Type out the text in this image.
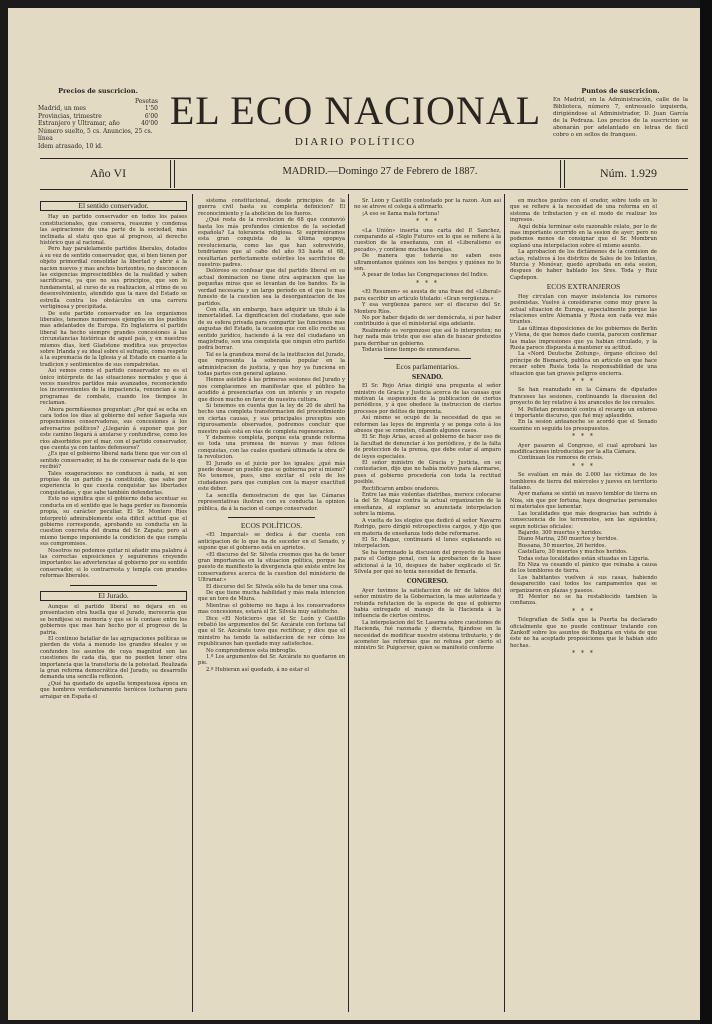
Precios de suscricion.
Pesetas
Madrid, un mes	1'50
Provincias, trimestre	6'00
Extranjero y Ultramar, año	40'00
Número suelto, 5 cs. Anuncios, 25 cs. línea
Idem atrasado, 10 id.
EL ECO NACIONAL
DIARIO POLÍTICO
Puntos de suscricion.

En Madrid, en la Administración, calle de la Biblioteca, número 7, entresuelo izquierda, dirigiéndose al Administrador, D. Juan García de la Pedraza. Los precios de la suscricion se abonarán por adelantado en letras de fácil cobro o en sellos de franqueo.

Año VI	MADRID.—Domingo 27 de Febrero de 1887.	Núm. 1.929
El sentido conservador.

Hay un partido conservador en todos los países constitucionales, que conserva, reasume y condensa las aspiraciones de una parte de la sociedad, más inclinada al statu quo que al progreso, al derecho histórico que al racional.

Pero hay paralelamente partidos liberales, dotados á su vez de sentido conservador, que, si bien tienen por objeto primordial consolidar la libertad y abrir á la nacion nuevos y mas anchos horizontes, no desconocen las exigencias imprescindibles de la realidad y saben sacrificarse, ya que no sus principios, que son lo fundamental, al curso de su realizacion, al ritmo de su desenvolvimiento, atendido que la nave del Estado se estrella contra los obstáculos en una carrera vertiginosa y precipitada.

De este partido conservador en los organismos liberales, tenemos numerosos ejemplos en los pueblos mas adelantados de Europa. En Inglaterra el partido liberal ha hecho siempre grandes concesiones á las circunstancias históricas de aquel país, y en nuestros mismos dias, lord Gladstone modifica sus proyectos sobre Irlanda y su ideal sobre el sufragio, como respeto á la supremacía de la Iglesia y al Estado en cuanto á la tradicion y sentimientos de sus compatriotas.

Así vemos como el partido conservador no es el único intérprete de las situaciones normales y que á veces nuestros partidos más avanzados, reconociendo los inconvenientes de la impaciencia, renuncian á sus programas de combate, cuando los tiempos lo reclaman.

Ahora permitásenos preguntar: ¿Por qué se echa en cara todos los días al gobierno del señor Sagasta sus propensiones conservadoras, sus concesiones á los adversarios políticos? ¿Llegarán á suponer que por este camino llegará á anularse y confundirse, como los ríos absorbidos por el mar, con el partido conservador, que cuenta ya con tantos defensores?

¿Es que el gobierno liberal nada tiene que ver con el sentido conservador, ni ha de conservar nada de lo que recibió?

Tales exageraciones no conducen á nada, ni son propias de un partido ya constituido, que sabe por experiencia lo que cuesta conquistar las libertades conquistadas, y que sabe también defenderlas.

Esto no significa que el gobierno deba acentuar su conducta en el sentido que le haga perder su fisonomía propia, su carácter peculiar. El Sr. Montero Ríos interpretó admirablemente esta dificil actitud que el gobierno corresponde, aprobando su conducta en la cuestion concreta del drama del Sr. Zapata; pero al mismo tiempo imponiendo la condicion de que cumpla sus compromisos.

Nosotros no podemos quitar ni añadir una palabra á las correctas exposiciones y seguiremos creyendo importantes las advertencias al gobierno por su sentido conservador, si lo contrarresta y templa con grandes reformas liberales.

El Jurado.

Aunque el partido liberal no dejara en su presentacion otra huella que el Jurado, merecería que se bendijese su memoria y que se le contase entre los gobiernos que mas han hecho por el progreso de la patria.

El continuo batallar de las agrupaciones políticas se pierden de vista á menudo los grandes ideales y se confunden los asuntos de cuya magnitud son las cuestiones de cada día, que no pueden tener otra importancia que la transitoria de la potestad. Realizada la gran reforma democrática del Jurado, su desarrollo demanda una sencilla reflexion.

¿Qué ha quedado de aquella tempestuosa época en que hombres verdaderamente heróicos lucharon para arraigar en España el

sistema constitucional, desde principios de la guerra civil hasta su completa definicion? El reconocimiento y la abolicion de los fueros.

¿Qué resta de la revolucion de 68 que conmovió hasta los más profundos cimientos de la sociedad española? La tolerancia religiosa. Si suprimiéramos esta gran conquista de la última epopeya revolucionaria, como las que han sobrevivido, tendríamos que al cabo del año 93 hasta el 68, resultarían perfectamente estériles los sacrificios de nuestros padres.

Dolóroso es confesar que del partido liberal en su actual dominacion no tiene otra aspiracion que las pequeñas miras que se levantan de los bandos. Es la verdad necesaria y un largo período en el que lo mas funesto de la cuestion sea la desorganizacion de los partidos.

Con ella, sin embargo, hace adquirir un titulo á la inmortalidad. La dignificacion del ciudadano, que sale de su esfera privada para compartir las funciones mas augustas del Estado, la ocasion que con ello recibe su sentido jurídico, haciendo á la vez del ciudadano un magistrado, son una conquista que ningun otro partido podrá borrar.

Tal es la grandeza moral de la institucion del Jurado, que representa la soberanía popular en la administracion de justicia, y que hoy ya funciona en todas partes con general aplauso.

Hemos asistido á las primeras sesiones del Jurado y nos complacemos en manifestar que el público ha acudido á presenciarlas con un interés y un respeto que dicen mucho en favor de nuestra cultura.

Si tenemos en cuenta que la ley de 20 de abril ha hecho una completa transformacion del procedimiento en ciertas causas, y sus principales preceptos son rigurosamente observados, podremos concluir que nuestro país está en vías de completa regeneracion.

Y debemos completa, porque esta grande reforma es toda una promesa de nuevas y mas felices conquistas, con las cuales quedará ultimada la obra de la revolucion.

El Jurado es el juicio por los iguales; ¿qué más puede desear un pueblo que se gobierna por sí mismo? No tenemos, pues, sino excitar el celo de los ciudadanos para que cumplan con la mayor exactitud este deber.

La sencilla demostracion de que las Cámaras representativas ilustran con su conducta la opinion pública, da á la nacion el campo conservador.

ECOS POLÍTICOS.

«El Imparcial» se dedica á dar cuenta con anticipacion de lo que ha de suceder en el Senado, y supone que el gobierno está en aprietos.

«El discurso del Sr. Silvela creemos que ha de tener gran importancia en la situacion política, porque ha puesto de manifiesto la divergencia que existe entre los conservadores acerca de la cuestion del ministerio de Ultramar.»

El discurso del Sr. Silvela sólo ha de tener una cosa.

De que tiene mucha habilidad y más mala intencion que un toro de Miura.

Mientras el gobierno no haga á los conservadores mas concesiones, estará el Sr. Silvela muy satisfecho.

Dice «El Noticiero» que el Sr. León y Castillo rebatió los argumentos del Sr. Azcárate con fortuna tal que el Sr. Azcárate tuvo que rectificar, y dice que el ministro ha tenido la satisfaccion de ver cómo los republicanos han quedado muy satisfechos.

No comprendemos esta imbroglio.

1.º Los argumentos del Sr. Azcárate no quedaron en pie.

2.º Hubieran así quedado, á no estar el

Sr. León y Castillo contestado por la razon. Aun así no se atreve el colega á afirmarlo.

¡A eso se llama mala fortuna!

* * *

«La Unión» inserta una carta del P. Sanchez, comparando al «Siglo Futuro» en lo que se refiere á la cuestion de la enseñanza, con el «Liberalismo es pecado», y contiene muchas herejías.

De manera que todavía no saben esos ultramontanos quiénes son los herejes y quiénes no lo son.

A pesar de todas las Congregaciones del Indice.

* * *

«El Resumen» se asusta de una frase del «Liberal» para escribir un artículo titulado: «Gran vergüenza.»

Y esa vergüenza parece ser el discurso del Sr. Montero Ríos.

No por haber dejado de ser demócrata, sí por haber contribuido á que el ministerial siga adelante.

Realmente es vergonzoso que así lo interpreten; no hay nada más triste que ese afan de buscar pretextos para derribar un gobierno.

Todavía tiene tiempo de enmendarse.

Ecos parlamentarios.
SENADO.

El Sr. Rojo Arias dirigió una pregunta al señor ministro de Gracia y Justicia acerca de las causas que motivan la suspension de la publicacion de ciertos periódicos, y á que obedece la instruccion de ciertos procesos por delitos de imprenta.

Así mismo se ocupó de la necesidad de que se reformen las leyes de imprenta y se ponga coto á los abusos que se cometen, citando algunos casos.

El Sr. Rojo Arias, acusó al gobierno de hacer uso de la facultad de denunciar á los periódicos, y de la falta de proteccion de la prensa, que debe estar al amparo de leyes especiales.

El señor ministro de Gracia y Justicia, en su contestacion, dijo que no había motivo para alarmarse, pues el gobierno procedería con toda la rectitud posible.

Rectificaron ambos oradores.

Entre las más violentas diatribas, merece colocarse la del Sr. Magaz contra la actual organizacion de la enseñanza, al explanar su anunciada interpelacion sobre la misma.

A vuelta de los elogios que dedicó al señor Navarro Rodrigo, pero dirigió retrospectivos cargos, y dijo que en materia de enseñanza todo debe reformarse.

El Sr. Magaz, continuará el lunes explanando su interpelacion.

Se ha terminado la discusion del proyecto de bases para el Código penal, con la aprobacion de la base adicional á la 10, despues de haber explicado el Sr. Silvela por qué no tenia necesidad de firmarla.

CONGRESO.

Ayer tuvimos la satisfaccion de oír de labios del señor ministro de la Gobernacion, la mas autorizada y rotunda refutacion de la especie de que el gobierno habia entregado el manejo de la Hacienda á la influencia de ciertos centros.

La interpelacion del Sr. Laserna sobre cuestiones de Hacienda, fué razonada y discreta, fijándose en la necesidad de modificar nuestro sistema tributario, y de acometer las reformas que no rehusa por cierto el ministro Sr. Puigcerver, quien se manifestó conforme

en muchos puntos con el orador, sobre todo en lo que se refiere á la necesidad de una reforma en el sistema de tributacion y en el modo de realizar los ingresos.

Aquí debía terminar este razonable relato, por lo de mas importante ocurrido en la sesion de ayer; pero no podemos menos de consignar que el Sr. Mombrun explanó una interpelacion sobre el mismo asunto.

La aprobacion de los dictámenes de la comision de actas, relativos á los distritos de Sales de los Infantes, Murcia y Monóvar, quedó aprobada en esta sesion, despues de haber hablado los Sres. Toda y Ruiz Capdepon.

ECOS EXTRANJEROS

Hoy circulan con mayor insistencia los rumores pesimistas. Vuelve á considerarse como muy grave la actual situacion de Europa, especialmente porque las relaciones entre Alemania y Rusia son cada vez más tirantes.

Las últimas disposiciones de los gobiernos de Berlín y Viena, de que hemos dado cuenta, parecen confirmar las malas impresiones que ya habian circulado, y la Rusia parece dispuesta á mantener su actitud.

La «Nord Deutsche Zeitung», órgano oficioso del príncipe de Bismarck, publica un artículo en que hace recaer sobre Rusia toda la responsabilidad de una situacion que tan graves peligros encierra.

* * *

Se han reanudado en la Cámara de diputados franceses las sesiones, continuando la discusion del proyecto de ley relativo á los aranceles de los cereales.

M. Pelletan pronunció contra el recargo un extenso é importante discurso, que fué muy aplaudido.

En la sesion anteanoche se acordó que el Senado examine en seguida los presupuestos.

* * *

Ayer pasaron al Congreso, el cual aprobará las modificaciones introducidas por la alta Cámara.

Continuan los rumores de crisis.

* * *

Se evalúan en más de 2.000 las víctimas de los temblores de tierra del miércoles y jueves en territorio italiano.

Ayer mañana se sintió un nuevo temblor de tierra en Niza, sin que por fortuna, haya desgracias personales ni materiales que lamentar.

Las localidades que más desgracias han sufrido á consecuencia de los terremotos, son las siguientes, segun noticias oficiales:

Bajardo, 300 muertos y heridos.

Diano Marina, 250 muertos y heridos.

Bussana, 50 muertos, 26 heridos.

Castellaro, 30 muertos y muchos heridos.

Todas estas localidades están situadas en Liguria.

En Niza va cesando el pánico que reinaba á causa de los temblores de tierra.

Los habitantes vuelven á sus casas, habiendo desaparecido casi todos los campamentos que se organizaron en plazas y paseos.

El Mentor no se ha restablecido tambien la confianza.

* * *

Telegrafían de Sofía que la Puerta ha declarado oficialmente que no puede continuar tratando con Zankoff sobre los asuntos de Bulgaria en vista de que éste no ha aceptado proposiciones que le habian sido hechas.

* * *
